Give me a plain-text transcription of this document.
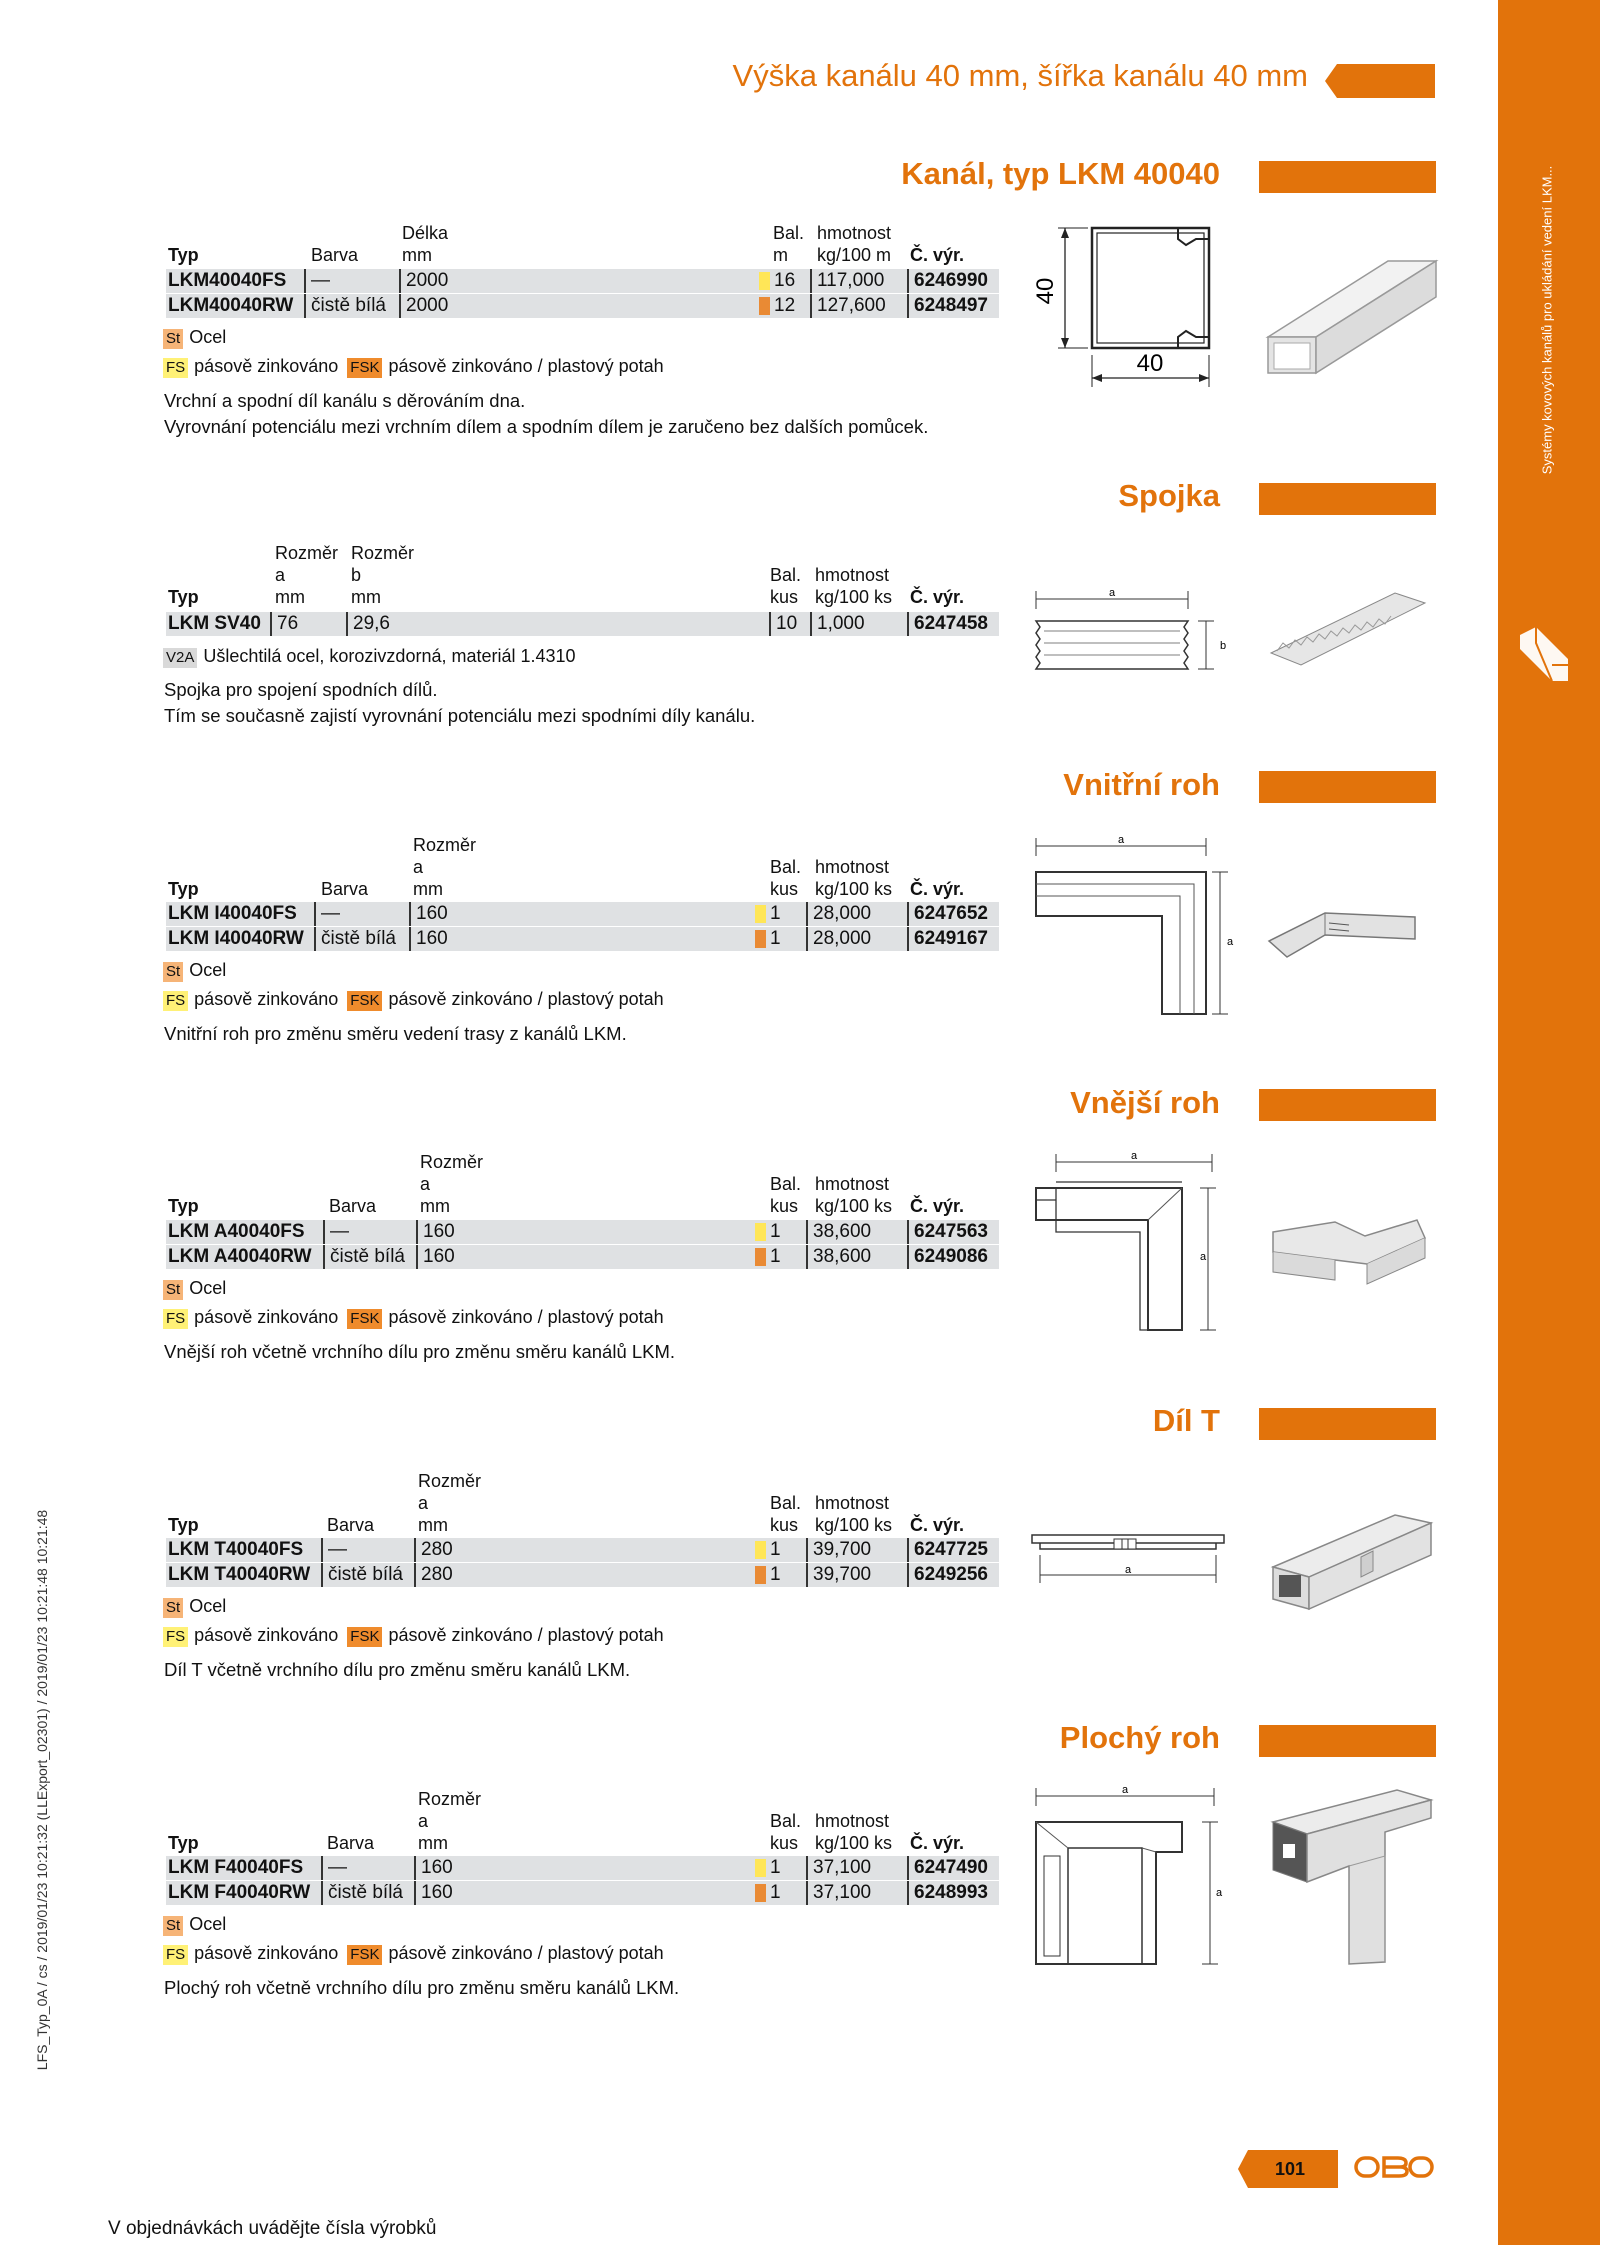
Systémy kovových kanálů pro ukládání vedení LKM...
Výška kanálu 40 mm, šířka kanálu 40 mm
LFS_Typ_0A / cs / 2019/01/23 10:21:32 (LLExport_02301) / 2019/01/23 10:21:48 10:21:48
Kanál, typ LKM 40040
Délka	Bal. hmotnost
Typ	Barva mm	m kg/100 m Č. výr.
LKM40040FS	—	2000	16	117,000	6246990
LKM40040RW čistě bílá	2000	12	127,600	6248497
St Ocel
FS pásově zinkováno FSK pásově zinkováno / plastový potah
Vrchní a spodní díl kanálu s děrováním dna.
Vyrovnání potenciálu mezi vrchním dílem a spodním dílem je zaručeno bez dalších pomůcek.
40
40
Spojka
Rozměr Rozměr
a	b	Bal. hmotnost
Typ	mm	mm	kus kg/100 ks Č. výr.
LKM SV40 76	29,6	10	1,000	6247458
V2A Ušlechtilá ocel, korozivzdorná, materiál 1.4310
Spojka pro spojení spodních dílů.
Tím se současně zajistí vyrovnání potenciálu mezi spodními díly kanálu.
a
b
Vnitřní roh
Rozměr
a	Bal. hmotnost
Typ	Barva mm	kus kg/100 ks Č. výr.
LKM I40040FS	—	160	1	28,000	6247652
LKM I40040RW čistě bílá	160	1	28,000	6249167
St Ocel
FS pásově zinkováno FSK pásově zinkováno / plastový potah
Vnitřní roh pro změnu směru vedení trasy z kanálů LKM.
a
a
Vnější roh
Rozměr
a	Bal. hmotnost
Typ	Barva mm	kus kg/100 ks Č. výr.
LKM A40040FS	—	160	1	38,600	6247563
LKM A40040RW čistě bílá 160	1	38,600	6249086
St Ocel
FS pásově zinkováno FSK pásově zinkováno / plastový potah
Vnější roh včetně vrchního dílu pro změnu směru kanálů LKM.
a
a
Díl T
Rozměr
a	Bal. hmotnost
Typ	Barva mm	kus kg/100 ks Č. výr.
LKM T40040FS	—	280	1	39,700	6247725
LKM T40040RW čistě bílá 280	1	39,700	6249256
St Ocel
FS pásově zinkováno FSK pásově zinkováno / plastový potah
Díl T včetně vrchního dílu pro změnu směru kanálů LKM.
a
Plochý roh
Rozměr
a	Bal. hmotnost
Typ	Barva mm	kus kg/100 ks Č. výr.
LKM F40040FS	—	160	1	37,100	6247490
LKM F40040RW čistě bílá 160	1	37,100	6248993
St Ocel
FS pásově zinkováno FSK pásově zinkováno / plastový potah
Plochý roh včetně vrchního dílu pro změnu směru kanálů LKM.
a
a
V objednávkách uvádějte čísla výrobků
101
